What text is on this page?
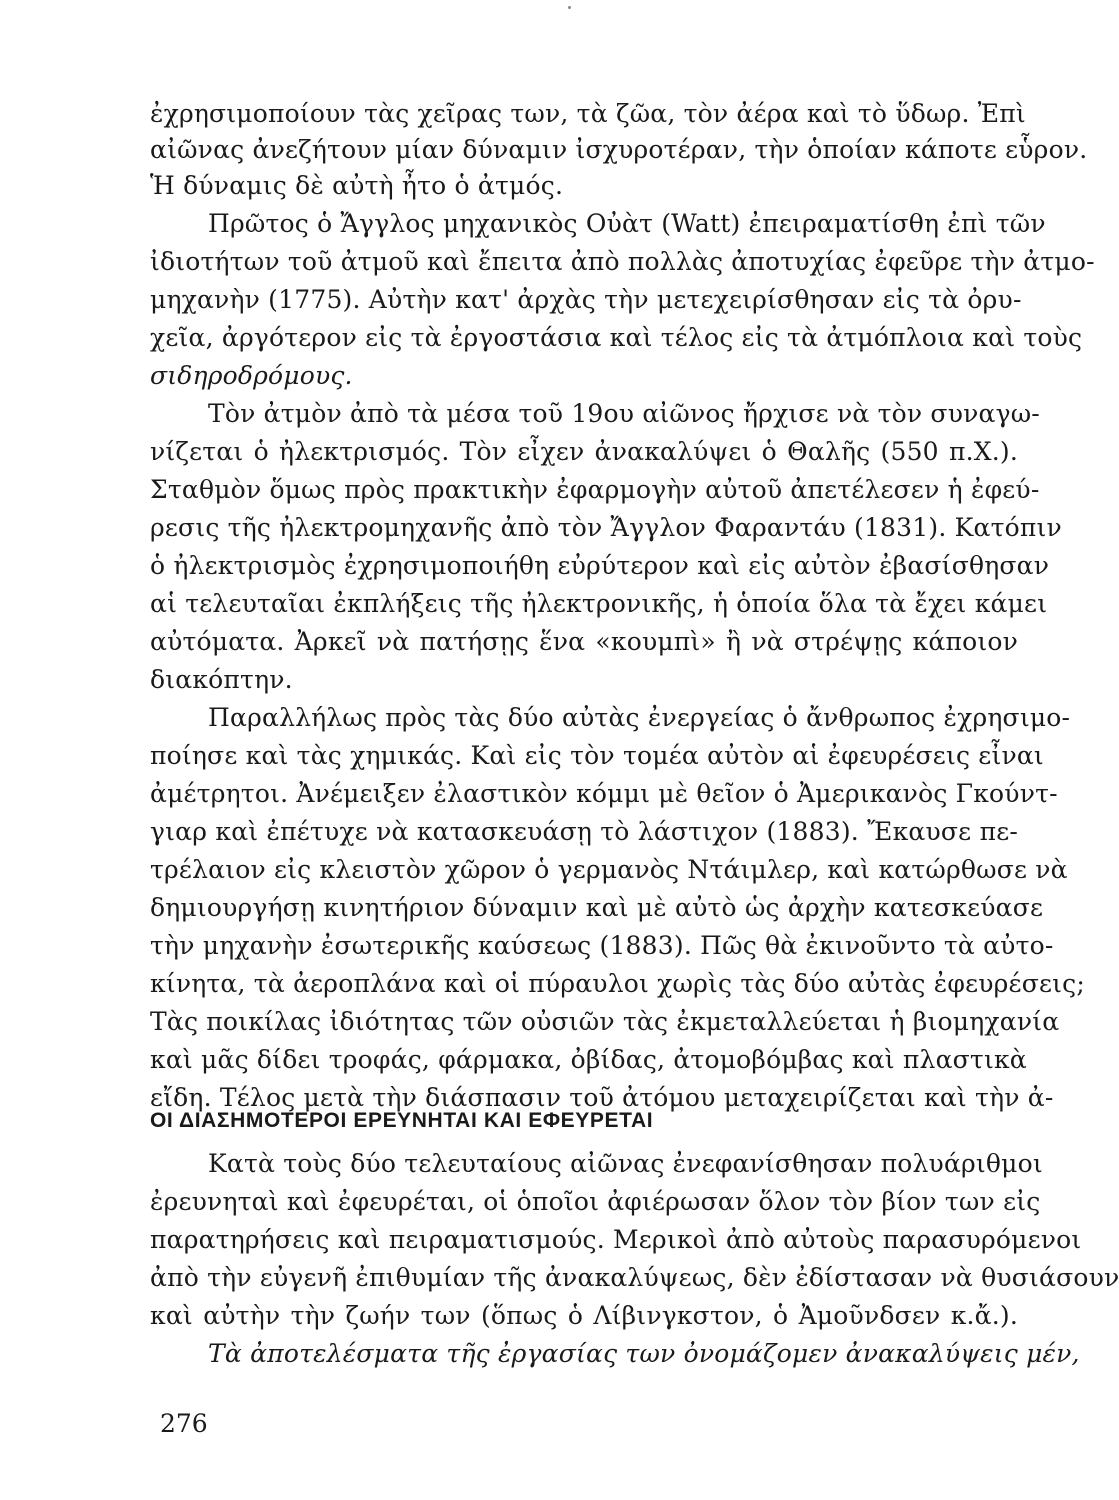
ἐχρησιμοποίουν τὰς χεῖρας των, τὰ ζῶα, τὸν ἀέρα καὶ τὸ ὕδωρ. Ἐπὶ

αἰῶνας ἀνεζήτουν μίαν δύναμιν ἰσχυροτέραν, τὴν ὁποίαν κάποτε εὗρον.

Ἡ δύναμις δὲ αὐτὴ ἦτο ὁ ἀτμός.

Πρῶτος ὁ Ἄγγλος μηχανικὸς Οὐὰτ (Watt) ἐπειραματίσθη ἐπὶ τῶν

ἰδιοτήτων τοῦ ἀτμοῦ καὶ ἔπειτα ἀπὸ πολλὰς ἀποτυχίας ἐφεῦρε τὴν ἀτμο-

μηχανὴν (1775). Αὐτὴν κατ' ἀρχὰς τὴν μετεχειρίσθησαν εἰς τὰ ὀρυ-

χεῖα, ἀργότερον εἰς τὰ ἐργοστάσια καὶ τέλος εἰς τὰ ἀτμόπλοια καὶ τοὺς

σιδηροδρόμους.

Τὸν ἀτμὸν ἀπὸ τὰ μέσα τοῦ 19ου αἰῶνος ἤρχισε νὰ τὸν συναγω-

νίζεται ὁ ἠλεκτρισμός. Τὸν εἶχεν ἀνακαλύψει ὁ Θαλῆς (550 π.Χ.).

Σταθμὸν ὅμως πρὸς πρακτικὴν ἐφαρμογὴν αὐτοῦ ἀπετέλεσεν ἡ ἐφεύ-

ρεσις τῆς ἠλεκτρομηχανῆς ἀπὸ τὸν Ἄγγλον Φαραντάυ (1831). Κατόπιν

ὁ ἠλεκτρισμὸς ἐχρησιμοποιήθη εὐρύτερον καὶ εἰς αὐτὸν ἐβασίσθησαν

αἱ τελευταῖαι ἐκπλήξεις τῆς ἠλεκτρονικῆς, ἡ ὁποία ὅλα τὰ ἔχει κάμει

αὐτόματα. Ἀρκεῖ νὰ πατήσῃς ἕνα «κουμπὶ» ἢ νὰ στρέψῃς κάποιον

διακόπτην.

Παραλλήλως πρὸς τὰς δύο αὐτὰς ἐνεργείας ὁ ἄνθρωπος ἐχρησιμο-

ποίησε καὶ τὰς χημικάς. Καὶ εἰς τὸν τομέα αὐτὸν αἱ ἐφευρέσεις εἶναι

ἀμέτρητοι. Ἀνέμειξεν ἐλαστικὸν κόμμι μὲ θεῖον ὁ Ἀμερικανὸς Γκούντ-

γιαρ καὶ ἐπέτυχε νὰ κατασκευάσῃ τὸ λάστιχον (1883). Ἔκαυσε πε-

τρέλαιον εἰς κλειστὸν χῶρον ὁ γερμανὸς Ντάιμλερ, καὶ κατώρθωσε νὰ

δημιουργήσῃ κινητήριον δύναμιν καὶ μὲ αὐτὸ ὡς ἀρχὴν κατεσκεύασε

τὴν μηχανὴν ἐσωτερικῆς καύσεως (1883). Πῶς θὰ ἐκινοῦντο τὰ αὐτο-

κίνητα, τὰ ἀεροπλάνα καὶ οἱ πύραυλοι χωρὶς τὰς δύο αὐτὰς ἐφευρέσεις;

Τὰς ποικίλας ἰδιότητας τῶν οὐσιῶν τὰς ἐκμεταλλεύεται ἡ βιομηχανία

καὶ μᾶς δίδει τροφάς, φάρμακα, ὀβίδας, ἀτομοβόμβας καὶ πλαστικὰ

εἴδη. Τέλος μετὰ τὴν διάσπασιν τοῦ ἀτόμου μεταχειρίζεται καὶ τὴν ἀ-

ΟΙ ΔΙΑΣΗΜΟΤΕΡΟΙ ΕΡΕΥΝΗΤΑΙ ΚΑΙ ΕΦΕΥΡΕΤΑΙ

Κατὰ τοὺς δύο τελευταίους αἰῶνας ἐνεφανίσθησαν πολυάριθμοι

ἐρευνηταὶ καὶ ἐφευρέται, οἱ ὁποῖοι ἀφιέρωσαν ὅλον τὸν βίον των εἰς

παρατηρήσεις καὶ πειραματισμούς. Μερικοὶ ἀπὸ αὐτοὺς παρασυρόμενοι

ἀπὸ τὴν εὐγενῆ ἐπιθυμίαν τῆς ἀνακαλύψεως, δὲν ἐδίστασαν νὰ θυσιάσουν

καὶ αὐτὴν τὴν ζωήν των (ὅπως ὁ Λίβινγκστον, ὁ Ἀμοῦνδσεν κ.ἄ.).

Τὰ ἀποτελέσματα τῆς ἐργασίας των ὀνομάζομεν ἀνακαλύψεις μέν,

276
